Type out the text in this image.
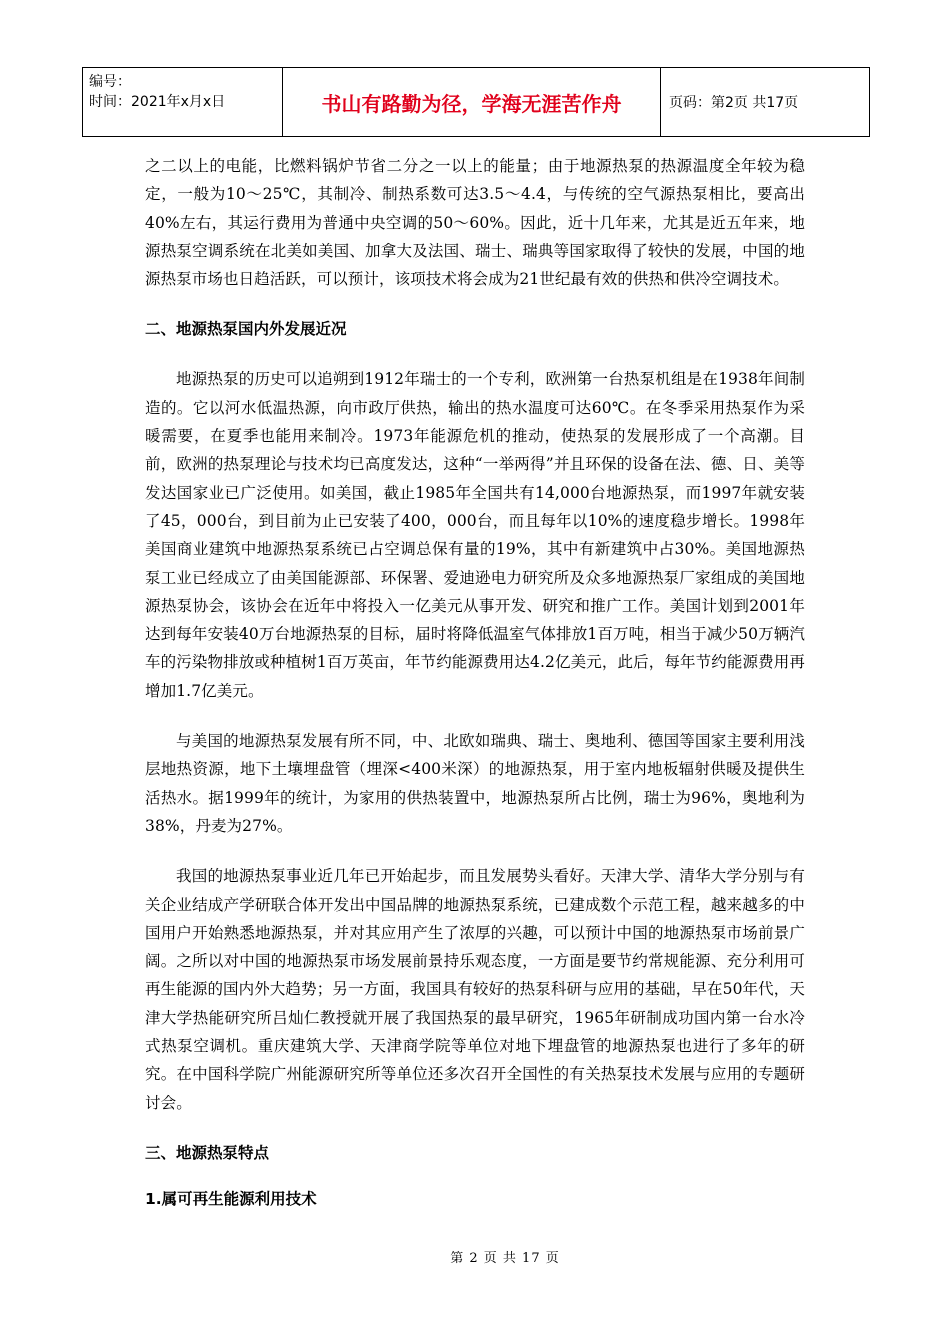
编号：
时间：2021年x月x日	书山有路勤为径，学海无涯苦作舟	页码：第2页 共17页

之二以上的电能，比燃料锅炉节省二分之一以上的能量；由于地源热泵的热源温度全年较为稳定，一般为10～25℃，其制冷、制热系数可达3.5～4.4，与传统的空气源热泵相比，要高出40%左右，其运行费用为普通中央空调的50～60%。因此，近十几年来，尤其是近五年来，地源热泵空调系统在北美如美国、加拿大及法国、瑞士、瑞典等国家取得了较快的发展，中国的地源热泵市场也日趋活跃，可以预计，该项技术将会成为21世纪最有效的供热和供冷空调技术。

二、地源热泵国内外发展近况

地源热泵的历史可以追朔到1912年瑞士的一个专利，欧洲第一台热泵机组是在1938年间制造的。它以河水低温热源，向市政厅供热，输出的热水温度可达60℃。在冬季采用热泵作为采暖需要，在夏季也能用来制冷。1973年能源危机的推动，使热泵的发展形成了一个高潮。目前，欧洲的热泵理论与技术均已高度发达，这种“一举两得”并且环保的设备在法、德、日、美等发达国家业已广泛使用。如美国，截止1985年全国共有14,000台地源热泵，而1997年就安装了45，000台，到目前为止已安装了400，000台，而且每年以10%的速度稳步增长。1998年美国商业建筑中地源热泵系统已占空调总保有量的19%，其中有新建筑中占30%。美国地源热泵工业已经成立了由美国能源部、环保署、爱迪逊电力研究所及众多地源热泵厂家组成的美国地源热泵协会，该协会在近年中将投入一亿美元从事开发、研究和推广工作。美国计划到2001年达到每年安装40万台地源热泵的目标，届时将降低温室气体排放1百万吨，相当于减少50万辆汽车的污染物排放或种植树1百万英亩，年节约能源费用达4.2亿美元，此后，每年节约能源费用再增加1.7亿美元。

与美国的地源热泵发展有所不同，中、北欧如瑞典、瑞士、奥地利、德国等国家主要利用浅层地热资源，地下土壤埋盘管（埋深<400米深）的地源热泵，用于室内地板辐射供暖及提供生活热水。据1999年的统计，为家用的供热装置中，地源热泵所占比例，瑞士为96%，奥地利为38%，丹麦为27%。

我国的地源热泵事业近几年已开始起步，而且发展势头看好。天津大学、清华大学分别与有关企业结成产学研联合体开发出中国品牌的地源热泵系统，已建成数个示范工程，越来越多的中国用户开始熟悉地源热泵，并对其应用产生了浓厚的兴趣，可以预计中国的地源热泵市场前景广阔。之所以对中国的地源热泵市场发展前景持乐观态度，一方面是要节约常规能源、充分利用可再生能源的国内外大趋势；另一方面，我国具有较好的热泵科研与应用的基础，早在50年代，天津大学热能研究所吕灿仁教授就开展了我国热泵的最早研究，1965年研制成功国内第一台水冷式热泵空调机。重庆建筑大学、天津商学院等单位对地下埋盘管的地源热泵也进行了多年的研究。在中国科学院广州能源研究所等单位还多次召开全国性的有关热泵技术发展与应用的专题研讨会。

三、地源热泵特点

1.属可再生能源利用技术

第 2 页 共 17 页
